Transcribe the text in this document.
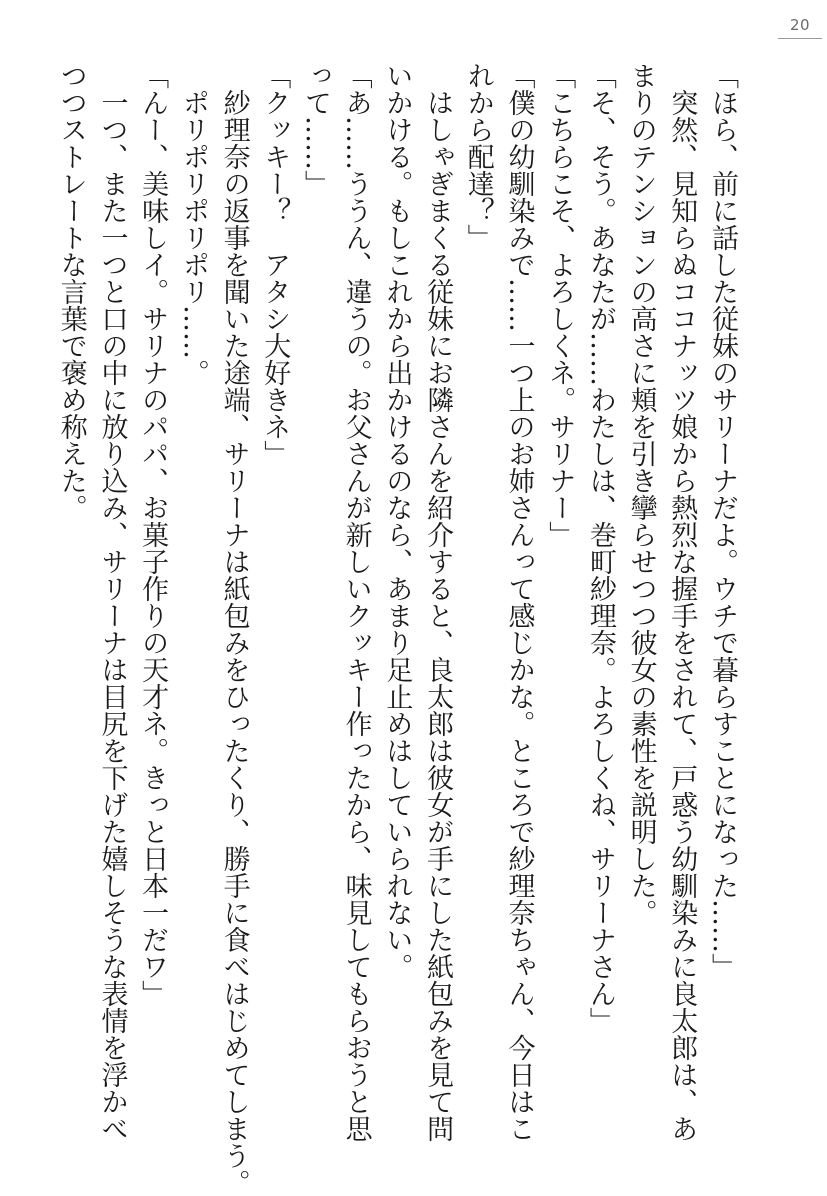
20

「ほら、前に話した従妹のサリーナだよ。ウチで暮らすことになった……」

　突然、見知らぬココナッツ娘から熱烈な握手をされて、戸惑う幼馴染みに良太郎は、あ

まりのテンションの高さに頬を引き攣らせつつ彼女の素性を説明した。

「そ、そう。あなたが……わたしは、巻町紗理奈。よろしくね、サリーナさん」

「こちらこそ、よろしくネ。サリナー」

「僕の幼馴染みで……一つ上のお姉さんって感じかな。ところで紗理奈ちゃん、今日はこ

れから配達？」

　はしゃぎまくる従妹にお隣さんを紹介すると、良太郎は彼女が手にした紙包みを見て問

いかける。もしこれから出かけるのなら、あまり足止めはしていられない。

「あ……ううん、違うの。お父さんが新しいクッキー作ったから、味見してもらおうと思

って……」

「クッキー？　アタシ大好きネ」

　紗理奈の返事を聞いた途端、サリーナは紙包みをひったくり、勝手に食べはじめてしまう。

　ポリポリポリポリ……。

「んー、美味しイ。サリナのパパ、お菓子作りの天才ネ。きっと日本一だワ」

　一つ、また一つと口の中に放り込み、サリーナは目尻を下げた嬉しそうな表情を浮かべ

つつストレートな言葉で褒め称えた。
